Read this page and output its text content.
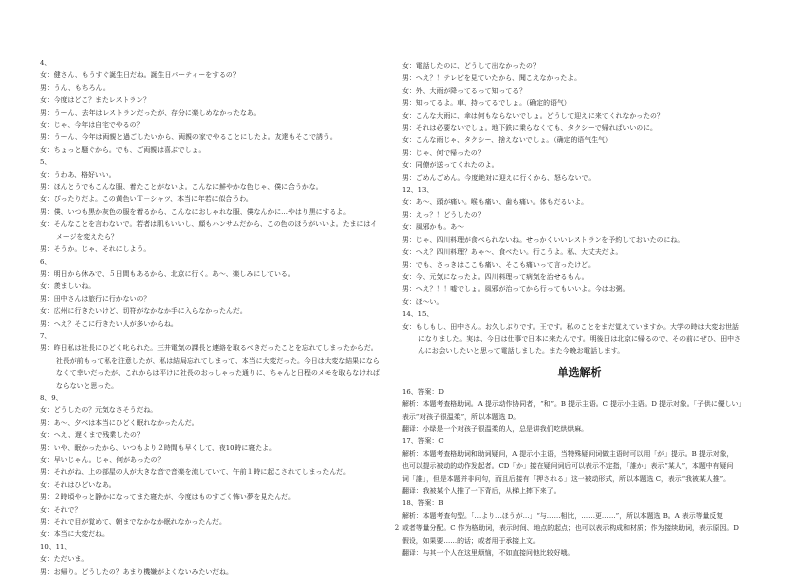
4、
女：健さん、もうすぐ誕生日だね。誕生日パーティーをするの？
男：うん、もちろん。
女：今度はどこ？またレストラン？
男：うーん、去年はレストランだったが、存分に楽しめなかったなあ。
女：じゃ、今年は自宅でやるの？
男：うーん、今年は両親と過ごしたいから、両親の家でやることにしたよ。友達もそこで誘う。
女：ちょっと騒ぐから。でも、ご両親は喜ぶでしょ。
5、
女：うわあ、格好いい。
男：ほんとうでもこんな服、着たことがないよ。こんなに鮮やかな色じゃ、僕に合うかな。
女：ぴったりだよ。この黄色いＴ－シャツ、本当に年若に似合うわ。
男：僕、いつも黒か灰色の服を着るから、こんなにおしゃれな服、僕なんかに…やはり黒にするよ。
女：そんなことを言わないで。若者は肌もいいし、顔もハンサムだから、この色のほうがいいよ。たまにはイ
メージを変えたら？
男：そうか。じゃ、それにしよう。
6、
男：明日から休みで、５日間もあるから、北京に行く。あ～、楽しみにしている。
女：羨ましいね。
男：田中さんは旅行に行かないの？
女：広州に行きたいけど、切符がなかなか手に入らなかったんだ。
男：へえ？そこに行きたい人が多いからね。
7、
男：昨日私は社長にひどく叱られた。三井電気の課長と連絡を取るべきだったことを忘れてしまったからだ。
社長が前もって私を注意したが、私は結局忘れてしまって、本当に大変だった。今日は大変な結果になら
なくて幸いだったが、これからは平けに社長のおっしゃった通りに、ちゃんと日程のメモを取らなければ
ならないと思った。
8、9、
女：どうしたの？元気なさそうだね。
男：あ～、夕べは本当にひどく眠れなかったんだ。
女：へえ、遅くまで残業したの？
男：いや、眠かったから、いつもより２時間も早くして、夜10時に寝たよ。
女：早いじゃん。じゃ、何があったの？
男：それがね、上の部屋の人が大きな音で音楽を流していて、午前１時に起こされてしまったんだ。
女：それはひどいなあ。
男：２時頃やっと静かになってまた寝たが、今度はものすごく怖い夢を見たんだ。
女：それで？
男：それで目が覚めて、朝までなかなか眠れなかったんだ。
女：本当に大変だね。
10、11、
女：ただいま。
男：お帰り。どうしたの？あまり機嫌がよくないみたいだね。
女：電話したのに、どうして出なかったの？
男：へえ？！テレビを見ていたから、聞こえなかったよ。
女：外、大雨が降ってるって知ってる？
男：知ってるよ。車、持ってるでしょ。（确定的语气）
女：こんな大雨に、傘は何もならないでしょ。どうして迎えに来てくれなかったの？
男：それは必要ないでしょ。地下鉄に乗らなくても、タクシーで帰ればいいのに。
女：こんな雨じゃ、タクシー、捨えないでしょ。（确定的语气生气）
男：じゃ、何で帰ったの？
女：同僚が送ってくれたのよ。
男：ごめんごめん。今度絶対に迎えに行くから、怒らないで。
12、13、
女：あ～、頭が痛い。喉も痛い、歯も痛い。体もだるいよ。
男：えっ？！どうしたの？
女：風邪かも。あ～
男：じゃ、四川料理が食べられないね。せっかくいいレストランを予約しておいたのにね。
女：へえ？四川料理？あゃ～、食べたい。行こうよ。私、大丈夫だよ。
男：でも、さっきはここも痛い、そこも痛いって言ったけど。
女：今、元気になったよ。四川料理って病気を治せるもん。
男：へえ？！！嘘でしょ。風邪が治ってから行ってもいいよ。今はお粥。
女：ほ～い。
14、15、
女：もしもし、田中さん。お久しぶりです。王です。私のことをまだ覚えていますか。大学の時は大変お世話
になりました。実は、今日は仕事で日本に来たんです。明後日は北京に帰るので、その前にぜひ、田中さ
んにお会いしたいと思って電話しました。また今晩お電話します。
单选解析
16、答案：D
解析：本题考查格助词。A 提示动作协同者，“和”。B 提示主语。C 提示小主语。D 提示对象。「子供に優しい」
表示“对孩子很温柔”，所以本题选 D。
翻译：小绿是一个对孩子很温柔的人，总是讲我们吃烘烘麻。
17、答案：C
解析：本题考查格助词和助词疑问，A 提示小主语，当特殊疑问词做主语时可以用「が」提示。B 提示对象，
也可以提示被动的动作发起者。CD「か」接在疑问词后可以表示不定指，「誰か」表示“某人”，本题中有疑问
词「誰」，但是本题并非问句，而且后接有「押される」这一被动形式，所以本题选 C，表示“我被某人推”。
翻译：我被某个人推了一下背后，从梯上摔下来了。
18、答案：B
解析：本题考查句型。「…より…ほうが…」“与……相比，……更……”，所以本题选 B。A 表示等量反复
或者等量分配。C 作为格助词，表示时间、地点的起点；也可以表示构成和材质；作为接续助词，表示原因。D
假设，如果要……的话；或者用于承接上文。
翻译：与其一个人在这里烦恼，不如直接问他比较好哦。
2
